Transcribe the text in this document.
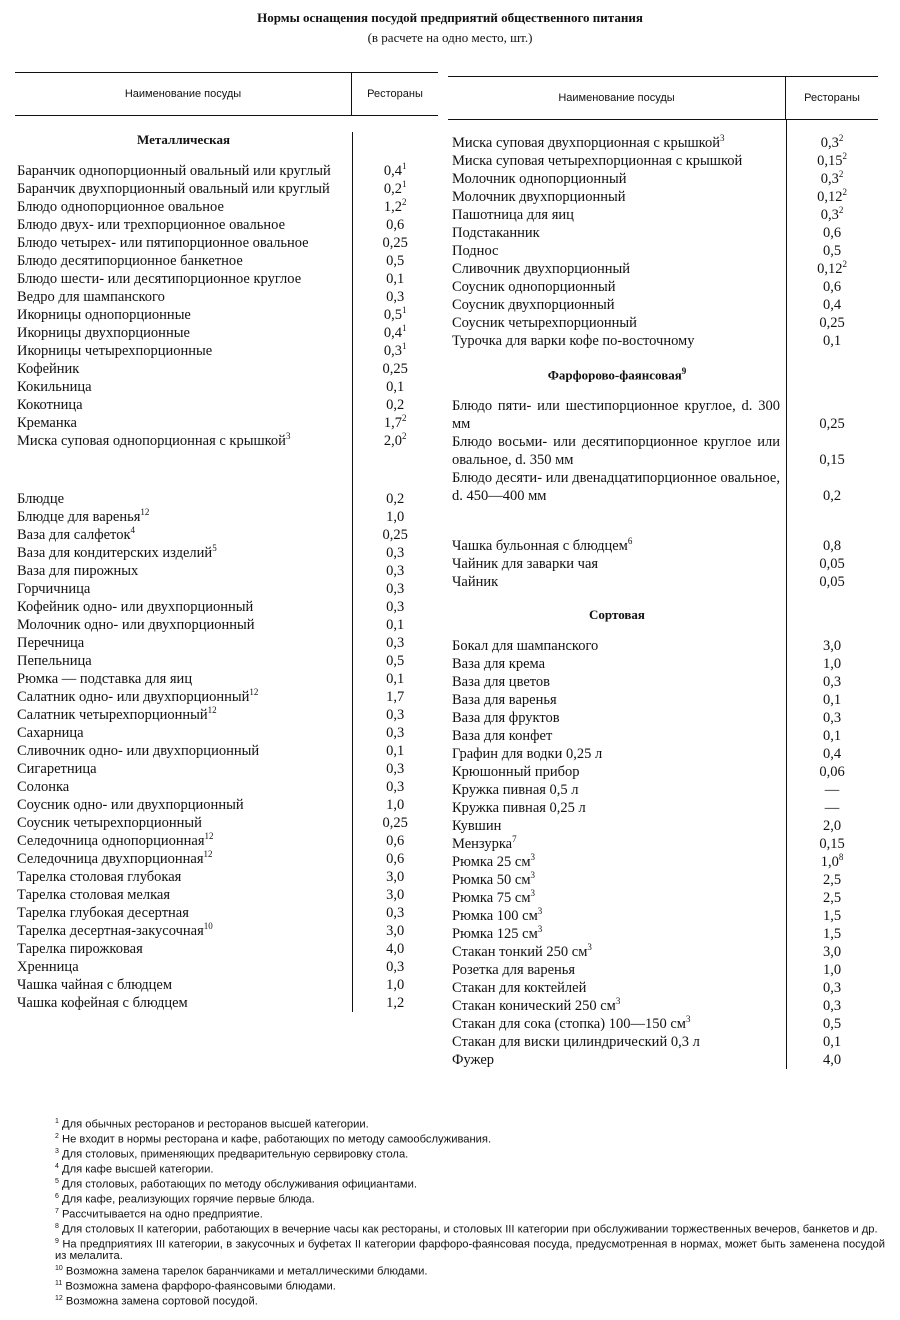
Нормы оснащения посудой предприятий общественного питания
(в расчете на одно место, шт.)
Наименование посуды	Рестораны
Металлическая
Баранчик однопорционный овальный или круглый	$0,4^1$
Баранчик двухпорционный овальный или круглый	$0,2^1$
Блюдо однопорционное овальное	$1,2^2$
Блюдо двух- или трехпорционное овальное	0,6
Блюдо четырех- или пятипорционное овальное	0,25
Блюдо десятипорционное банкетное	0,5
Блюдо шести- или десятипорционное круглое	0,1
Ведро для шампанского	0,3
Икорницы однопорционные	$0,5^1$
Икорницы двухпорционные	$0,4^1$
Икорницы четырехпорционные	$0,3^1$
Кофейник	0,25
Кокильница	0,1
Кокотница	0,2
Креманка	$1,7^2$
Миска суповая однопорционная с крышкой$^3$	$2,0^2$
Блюдце	0,2
Блюдце для варенья$^{12}$	1,0
Ваза для салфеток$^4$	0,25
Ваза для кондитерских изделий$^5$	0,3
Ваза для пирожных	0,3
Горчичница	0,3
Кофейник одно- или двухпорционный	0,3
Молочник одно- или двухпорционный	0,1
Перечница	0,3
Пепельница	0,5
Рюмка — подставка для яиц	0,1
Салатник одно- или двухпорционный$^{12}$	1,7
Салатник четырехпорционный$^{12}$	0,3
Сахарница	0,3
Сливочник одно- или двухпорционный	0,1
Сигаретница	0,3
Солонка	0,3
Соусник одно- или двухпорционный	1,0
Соусник четырехпорционный	0,25
Селедочница однопорционная$^{12}$	0,6
Селедочница двухпорционная$^{12}$	0,6
Тарелка столовая глубокая	3,0
Тарелка столовая мелкая	3,0
Тарелка глубокая десертная	0,3
Тарелка десертная-закусочная$^{10}$	3,0
Тарелка пирожковая	4,0
Хренница	0,3
Чашка чайная с блюдцем	1,0
Чашка кофейная с блюдцем	1,2
Наименование посуды	Рестораны
Миска суповая двухпорционная с крышкой$^3$	$0,3^2$
Миска суповая четырехпорционная с крышкой	0,15$^2$
Молочник однопорционный	$0,3^2$
Молочник двухпорционный	0,12$^2$
Пашотница для яиц	$0,3^2$
Подстаканник	0,6
Поднос	0,5
Сливочник двухпорционный	0,12$^2$
Соусник однопорционный	0,6
Соусник двухпорционный	0,4
Соусник четырехпорционный	0,25
Турочка для варки кофе по-восточному	0,1
Фарфорово-фаянсовая$^9$
Блюдо пяти- или шестипорционное круглое, d. 300 мм	0,25
Блюдо восьми- или десятипорционное круглое или овальное, d. 350 мм	0,15
Блюдо десяти- или двенадцатипорционное овальное, d. 450—400 мм	0,2
Чашка бульонная с блюдцем$^6$	0,8
Чайник для заварки чая	0,05
Чайник	0,05
Сортовая
Бокал для шампанского	3,0
Ваза для крема	1,0
Ваза для цветов	0,3
Ваза для варенья	0,1
Ваза для фруктов	0,3
Ваза для конфет	0,1
Графин для водки 0,25 л	0,4
Крюшонный прибор	0,06
Кружка пивная 0,5 л	—
Кружка пивная 0,25 л	—
Кувшин	2,0
Мензурка$^7$	0,15
Рюмка 25 $см^3$	$1,0^8$
Рюмка 50 $см^3$	2,5
Рюмка 75 $см^3$	2,5
Рюмка 100 $см^3$	1,5
Рюмка 125 $см^3$	1,5
Стакан тонкий 250 $см^3$	3,0
Розетка для варенья	1,0
Стакан для коктейлей	0,3
Стакан конический 250 $см^3$	0,3
Стакан для сока (стопка) 100—150 $см^3$	0,5
Стакан для виски цилиндрический 0,3 л	0,1
Фужер	4,0
$^1$ Для обычных ресторанов и ресторанов высшей категории.
$^2$ Не входит в нормы ресторана и кафе, работающих по методу самообслуживания.
$^3$ Для столовых, применяющих предварительную сервировку стола.
$^4$ Для кафе высшей категории.
$^5$ Для столовых, работающих по методу обслуживания официантами.
$^6$ Для кафе, реализующих горячие первые блюда.
$^7$ Рассчитывается на одно предприятие.
$^8$ Для столовых II категории, работающих в вечерние часы как рестораны, и столовых III категории при обслуживании торжественных вечеров, банкетов и др.
$^9$ На предприятиях III категории, в закусочных и буфетах II категории фарфоро-фаянсовая посуда, предусмотренная в нормах, может быть заменена посудой из мелалита.
$^{10}$ Возможна замена тарелок баранчиками и металлическими блюдами.
$^{11}$ Возможна замена фарфоро-фаянсовыми блюдами.
$^{12}$ Возможна замена сортовой посудой.
